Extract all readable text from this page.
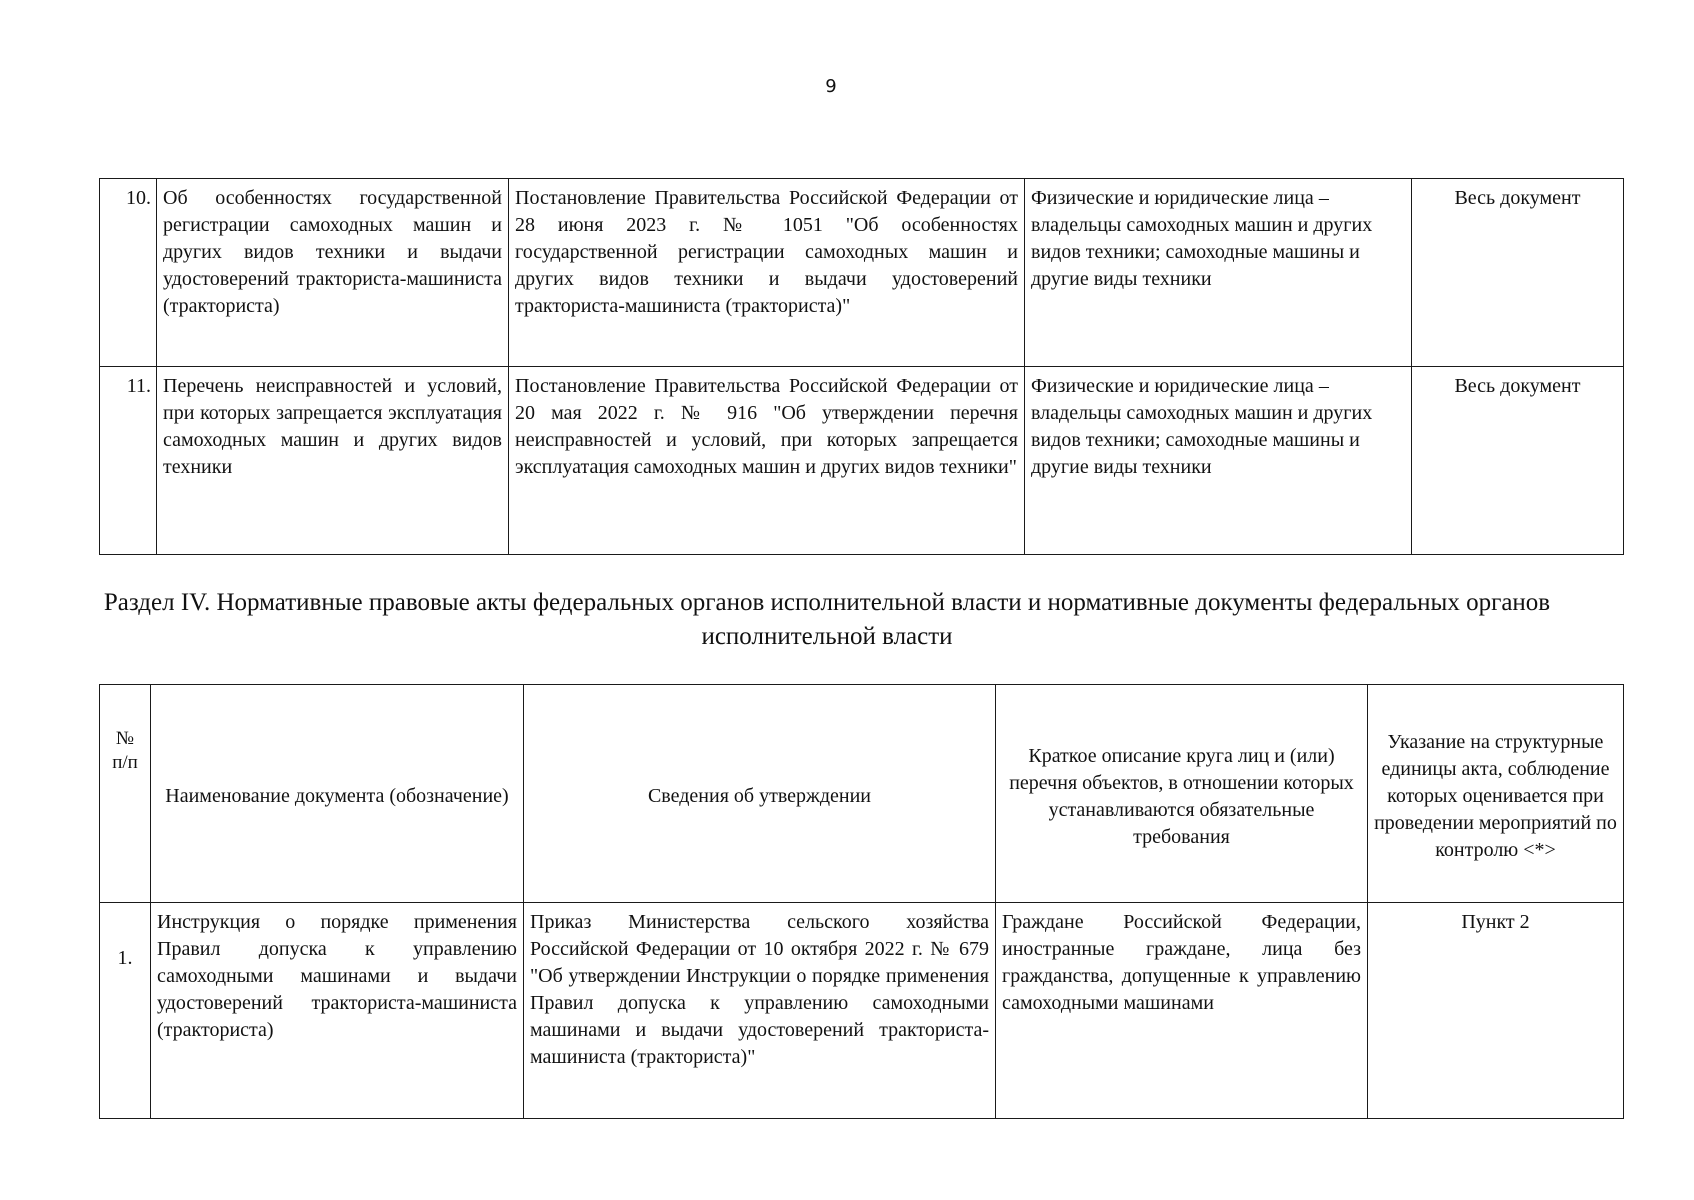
9
10.	Об особенностях государственной регистрации самоходных машин и других видов техники и выдачи удостоверений тракториста-машиниста (тракториста)	Постановление Правительства Российской Федерации от 28 июня 2023 г. № 1051 "Об особенностях государственной регистрации самоходных машин и других видов техники и выдачи удостоверений тракториста-машиниста (тракториста)"	Физические и юридические лица – владельцы самоходных машин и других видов техники; самоходные машины и другие виды техники	Весь документ
11.	Перечень неисправностей и условий, при которых запрещается эксплуатация самоходных машин и других видов техники	Постановление Правительства Российской Федерации от 20 мая 2022 г. № 916 "Об утверждении перечня неисправностей и условий, при которых запрещается эксплуатация самоходных машин и других видов техники"	Физические и юридические лица – владельцы самоходных машин и других видов техники; самоходные машины и другие виды техники	Весь документ
Раздел IV. Нормативные правовые акты федеральных органов исполнительной власти и нормативные документы федеральных органов исполнительной власти
№ п/п	Наименование документа (обозначение)	Сведения об утверждении	Краткое описание круга лиц и (или) перечня объектов, в отношении которых устанавливаются обязательные требования	Указание на структурные единицы акта, соблюдение которых оценивается при проведении мероприятий по контролю <*>
1.	Инструкция о порядке применения Правил допуска к управлению самоходными машинами и выдачи удостоверений тракториста-машиниста (тракториста)	Приказ Министерства сельского хозяйства Российской Федерации от 10 октября 2022 г. № 679 "Об утверждении Инструкции о порядке применения Правил допуска к управлению самоходными машинами и выдачи удостоверений тракториста-машиниста (тракториста)"	Граждане Российской Федерации, иностранные граждане, лица без гражданства, допущенные к управлению самоходными машинами	Пункт 2
